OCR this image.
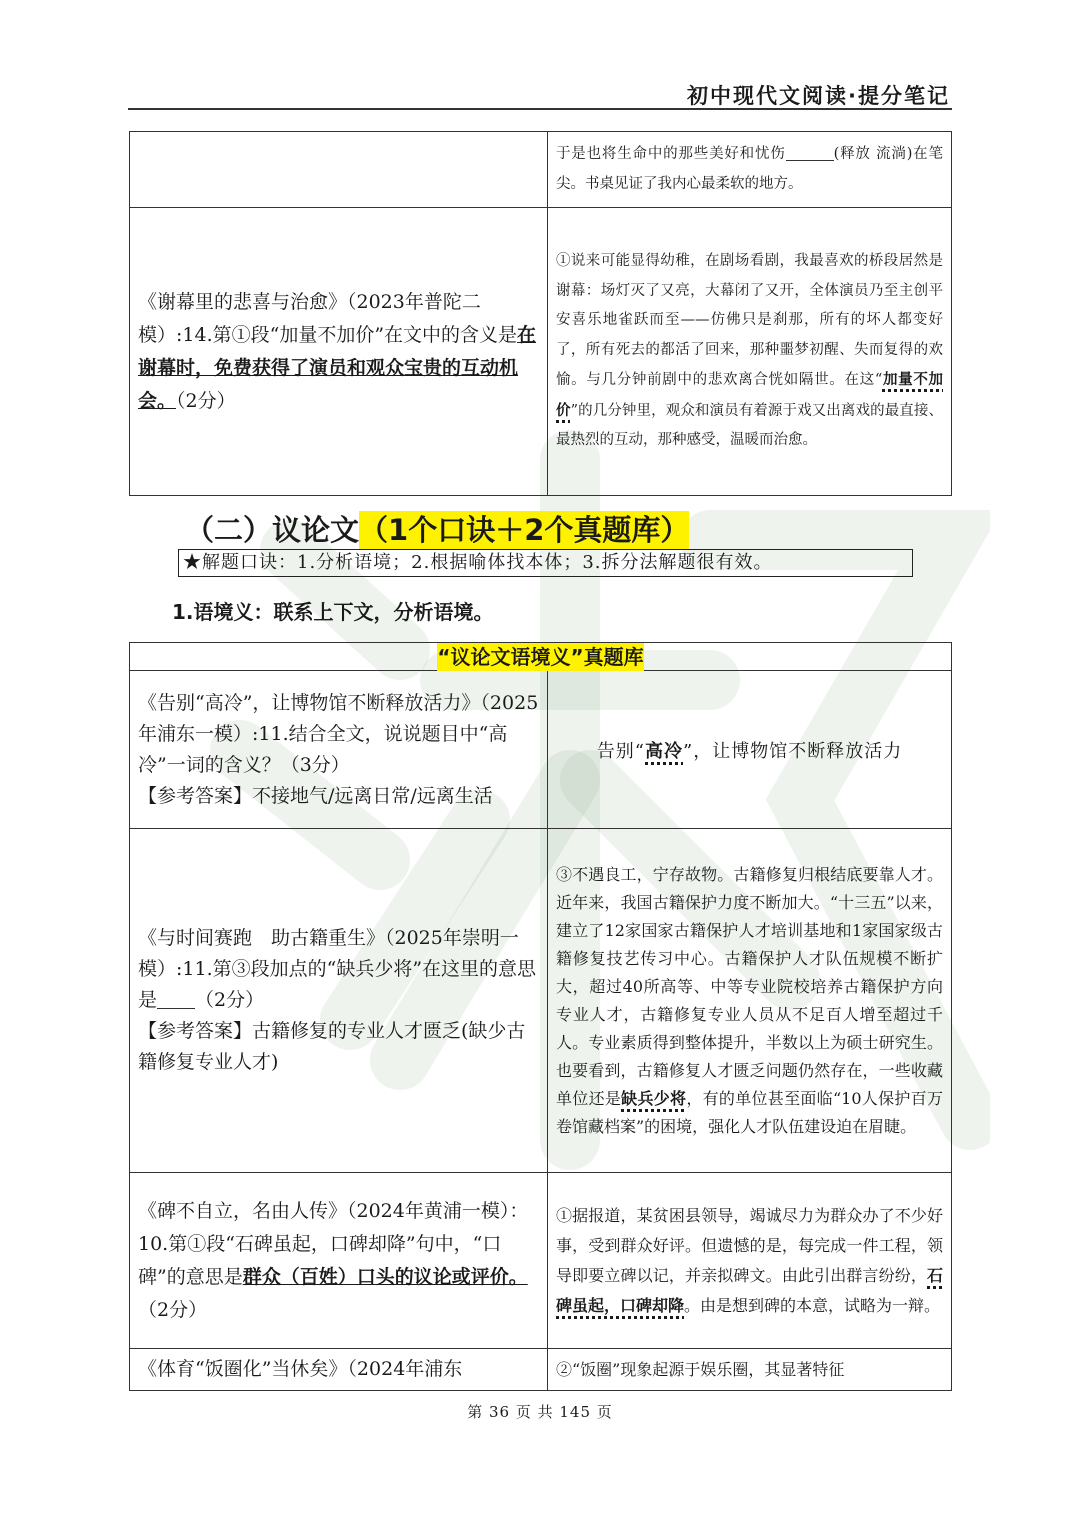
初中现代文阅读·提分笔记
	于是也将生命中的那些美好和忧伤 (释放 流淌)在笔尖。书桌见证了我内心最柔软的地方。
《谢幕里的悲喜与治愈》（2023年普陀二模）:14.第①段“加量不加价”在文中的含义是在谢幕时，免费获得了演员和观众宝贵的互动机会。（2分）	①说来可能显得幼稚，在剧场看剧，我最喜欢的桥段居然是谢幕：场灯灭了又亮，大幕闭了又开，全体演员乃至主创平安喜乐地雀跃而至——仿佛只是刹那，所有的坏人都变好了，所有死去的都活了回来，那种噩梦初醒、失而复得的欢愉。与几分钟前剧中的悲欢离合恍如隔世。在这“加量不加价”的几分钟里，观众和演员有着源于戏又出离戏的最直接、最热烈的互动，那种感受，温暖而治愈。
（二）议论文（1个口诀＋2个真题库）
★解题口诀：1.分析语境；2.根据喻体找本体；3.拆分法解题很有效。
1.语境义：联系上下文，分析语境。
“议论文语境义”真题库	

《告别“高冷”，让博物馆不断释放活力》（2025年浦东一模）:11.结合全文，说说题目中“高冷”一词的含义？（3分）
【参考答案】不接地气/远离日常/远离生活	告别“高冷”，让博物馆不断释放活力

《与时间赛跑　助古籍重生》（2025年崇明一模）:11.第③段加点的“缺兵少将”在这里的意思是 （2分）
【参考答案】古籍修复的专业人才匮乏(缺少古籍修复专业人才)	③不遇良工，宁存故物。古籍修复归根结底要靠人才。近年来，我国古籍保护力度不断加大。“十三五”以来，建立了12家国家古籍保护人才培训基地和1家国家级古籍修复技艺传习中心。古籍保护人才队伍规模不断扩大，超过40所高等、中等专业院校培养古籍保护方向专业人才，古籍修复专业人员从不足百人增至超过千人。专业素质得到整体提升，半数以上为硕士研究生。也要看到，古籍修复人才匮乏问题仍然存在，一些收藏单位还是缺兵少将，有的单位甚至面临“10人保护百万卷馆藏档案”的困境，强化人才队伍建设迫在眉睫。
《碑不自立，名由人传》（2024年黄浦一模）：10.第①段“石碑虽起，口碑却降”句中，“口碑”的意思是群众（百姓）口头的议论或评价。（2分）	①据报道，某贫困县领导，竭诚尽力为群众办了不少好事，受到群众好评。但遗憾的是，每完成一件工程，领导即要立碑以记，并亲拟碑文。由此引出群言纷纷，石碑虽起，口碑却降。由是想到碑的本意，试略为一辩。
《体育“饭圈化”当休矣》（2024年浦东	②“饭圈”现象起源于娱乐圈，其显著特征
第 36 页 共 145 页
